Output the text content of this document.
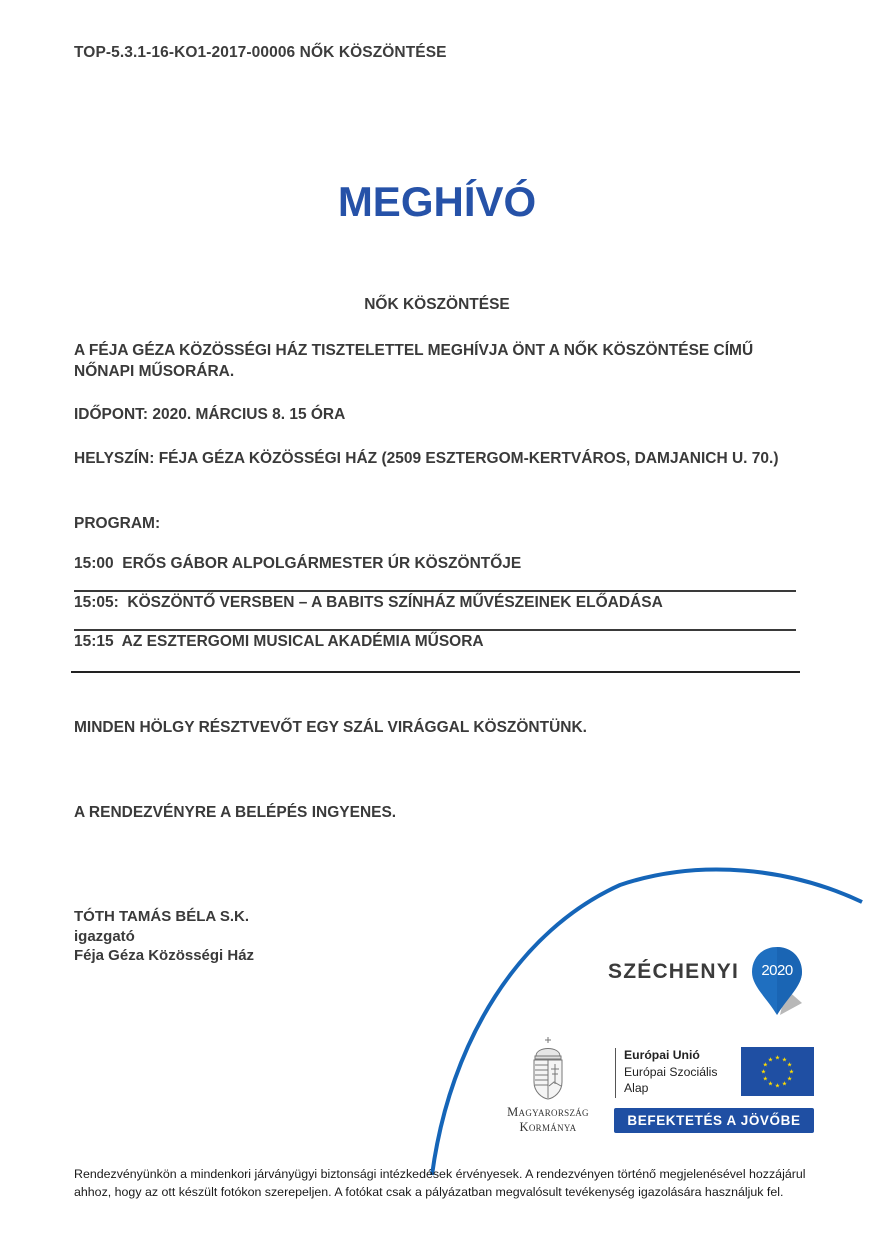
TOP-5.3.1-16-KO1-2017-00006 NŐK KÖSZÖNTÉSE
MEGHÍVÓ
NŐK KÖSZÖNTÉSE
A FÉJA GÉZA KÖZÖSSÉGI HÁZ TISZTELETTEL MEGHÍVJA ÖNT A NŐK KÖSZÖNTÉSE CÍMŰ NŐNAPI MŰSORÁRA.
IDŐPONT: 2020. MÁRCIUS 8. 15 ÓRA
HELYSZÍN: FÉJA GÉZA KÖZÖSSÉGI HÁZ (2509 ESZTERGOM-KERTVÁROS, DAMJANICH U. 70.)
PROGRAM:
15:00  ERŐS GÁBOR ALPOLGÁRMESTER ÚR KÖSZÖNTŐJE
15:05:  KÖSZÖNTŐ VERSBEN – A BABITS SZÍNHÁZ MŰVÉSZEINEK ELŐADÁSA
15:15  AZ ESZTERGOMI MUSICAL AKADÉMIA MŰSORA
MINDEN HÖLGY RÉSZTVEVŐT EGY SZÁL VIRÁGGAL KÖSZÖNTÜNK.
A RENDEZVÉNYRE A BELÉPÉS INGYENES.
TÓTH TAMÁS BÉLA S.K.
igazgató
Féja Géza Közösségi Ház
SZÉCHENYI	2020
Magyarország
Kormánya
Európai Unió
Európai Szociális
Alap
★ ★
★
★
★
★
★
★
★
★
★
★
BEFEKTETÉS A JÖVŐBE
Rendezvényünkön a mindenkori járványügyi biztonsági intézkedések érvényesek. A rendezvényen történő megjelenésével hozzájárul ahhoz, hogy az ott készült fotókon szerepeljen. A fotókat csak a pályázatban megvalósult tevékenység igazolására használjuk fel.
